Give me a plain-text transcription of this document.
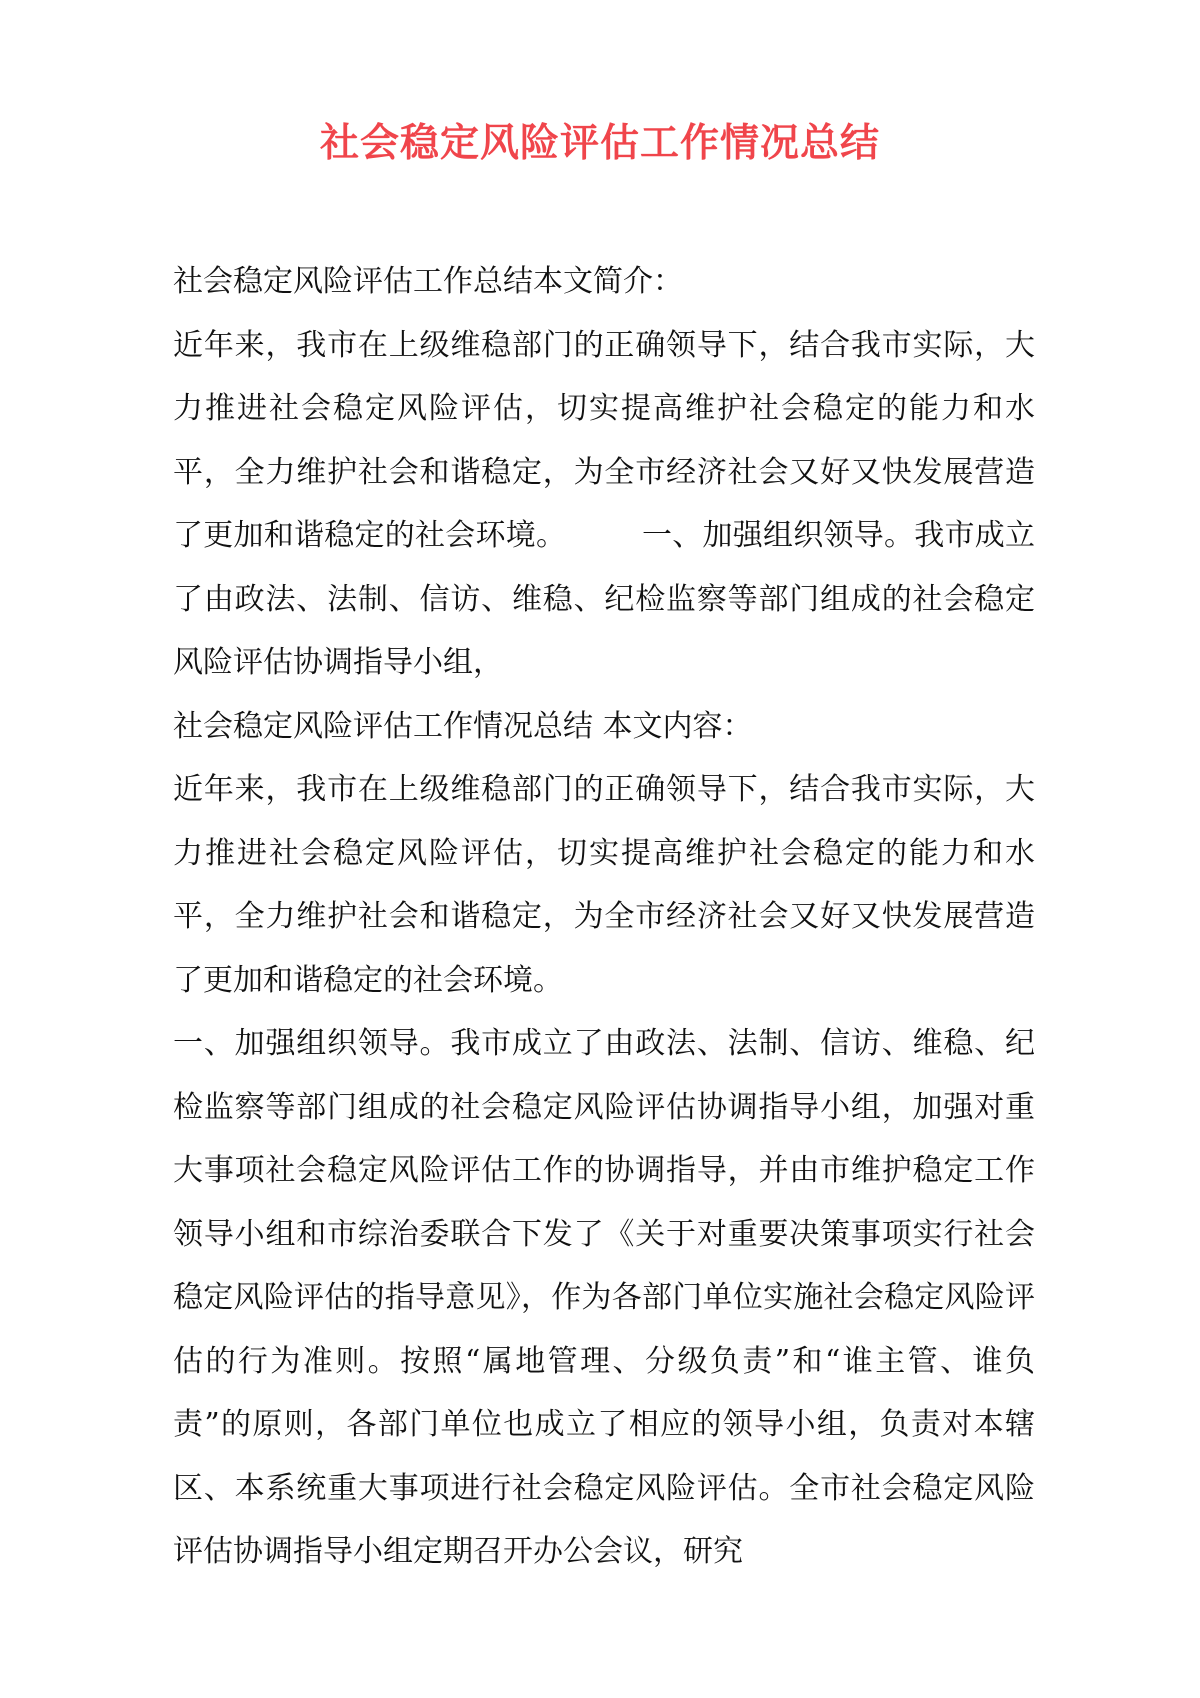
社会稳定风险评估工作情况总结

社会稳定风险评估工作总结本文简介：

近年来，我市在上级维稳部门的正确领导下，结合我市实际，大力推进社会稳定风险评估，切实提高维护社会稳定的能力和水平，全力维护社会和谐稳定，为全市经济社会又好又快发展营造了更加和谐稳定的社会环境。　　　一、加强组织领导。我市成立了由政法、法制、信访、维稳、纪检监察等部门组成的社会稳定风险评估协调指导小组，

社会稳定风险评估工作情况总结 本文内容：

近年来，我市在上级维稳部门的正确领导下，结合我市实际，大力推进社会稳定风险评估，切实提高维护社会稳定的能力和水平，全力维护社会和谐稳定，为全市经济社会又好又快发展营造了更加和谐稳定的社会环境。

一、加强组织领导。我市成立了由政法、法制、信访、维稳、纪检监察等部门组成的社会稳定风险评估协调指导小组，加强对重大事项社会稳定风险评估工作的协调指导，并由市维护稳定工作领导小组和市综治委联合下发了《关于对重要决策事项实行社会稳定风险评估的指导意见》，作为各部门单位实施社会稳定风险评估的行为准则。按照“属地管理、分级负责”和“谁主管、谁负责”的原则，各部门单位也成立了相应的领导小组，负责对本辖区、本系统重大事项进行社会稳定风险评估。全市社会稳定风险评估协调指导小组定期召开办公会议，研究
